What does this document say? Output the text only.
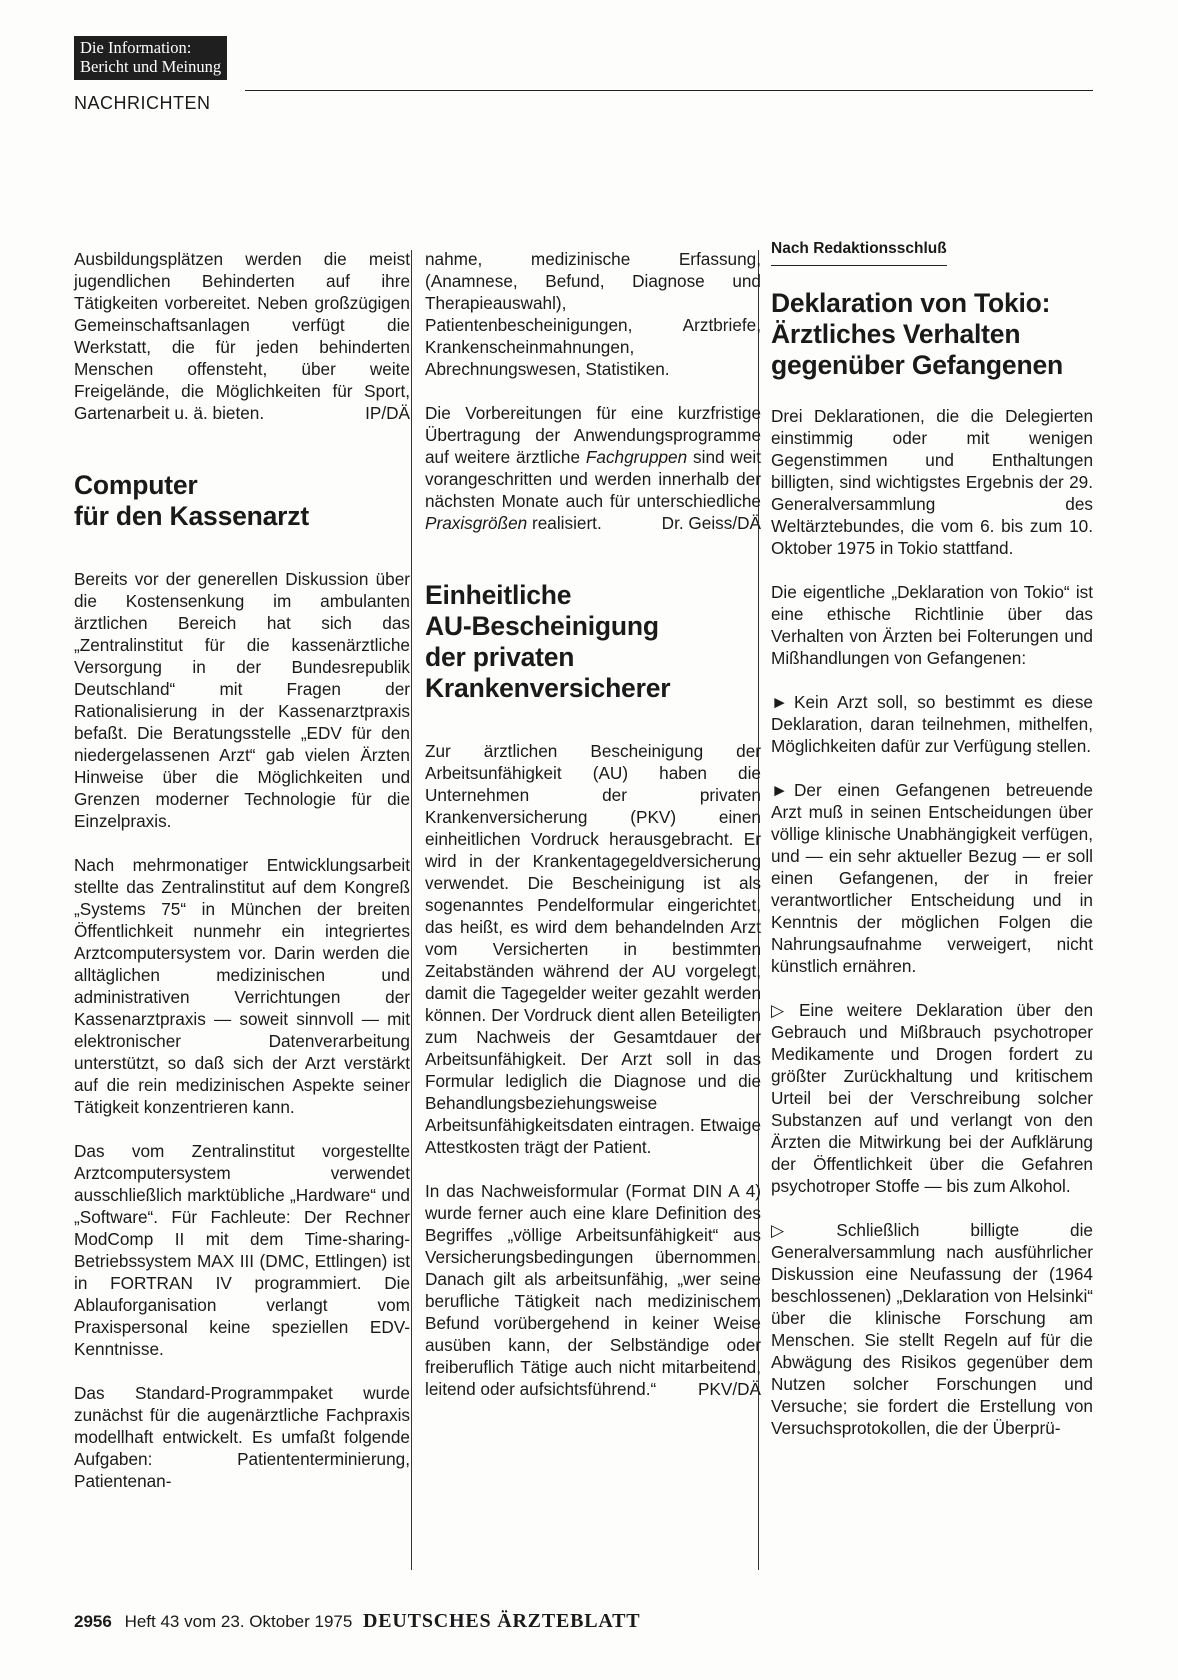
Die Information:
Bericht und Meinung
NACHRICHTEN

Ausbildungsplätzen werden die meist jugendlichen Behinderten auf ihre Tätigkeiten vorbereitet. Neben großzügigen Gemeinschaftsanlagen verfügt die Werkstatt, die für jeden behinderten Menschen offensteht, über weite Freigelände, die Möglichkeiten für Sport, Gartenarbeit u. ä. bieten.	IP/DÄ

Computer
für den Kassenarzt

Bereits vor der generellen Diskussion über die Kostensenkung im ambulanten ärztlichen Bereich hat sich das „Zentralinstitut für die kassenärztliche Versorgung in der Bundesrepublik Deutschland“ mit Fragen der Rationalisierung in der Kassenarztpraxis befaßt. Die Beratungsstelle „EDV für den niedergelassenen Arzt“ gab vielen Ärzten Hinweise über die Möglichkeiten und Grenzen moderner Technologie für die Einzelpraxis.

Nach mehrmonatiger Entwicklungsarbeit stellte das Zentralinstitut auf dem Kongreß „Systems 75“ in München der breiten Öffentlichkeit nunmehr ein integriertes Arztcomputersystem vor. Darin werden die alltäglichen medizinischen und administrativen Verrichtungen der Kassenarztpraxis — soweit sinnvoll — mit elektronischer Datenverarbeitung unterstützt, so daß sich der Arzt verstärkt auf die rein medizinischen Aspekte seiner Tätigkeit konzentrieren kann.

Das vom Zentralinstitut vorgestellte Arztcomputersystem verwendet ausschließlich marktübliche „Hardware“ und „Software“. Für Fachleute: Der Rechner ModComp II mit dem Time-sharing-Betriebssystem MAX III (DMC, Ettlingen) ist in FORTRAN IV programmiert. Die Ablauforganisation verlangt vom Praxispersonal keine speziellen EDV-Kenntnisse.

Das Standard-Programmpaket wurde zunächst für die augenärztliche Fachpraxis modellhaft entwickelt. Es umfaßt folgende Aufgaben: Patiententerminierung, Patientenan-

nahme, medizinische Erfassung, (Anamnese, Befund, Diagnose und Therapieauswahl), Patientenbescheinigungen, Arztbriefe, Krankenscheinmahnungen, Abrechnungswesen, Statistiken.

Die Vorbereitungen für eine kurzfristige Übertragung der Anwendungsprogramme auf weitere ärztliche Fachgruppen sind weit vorangeschritten und werden innerhalb der nächsten Monate auch für unterschiedliche Praxisgrößen realisiert.	Dr. Geiss/DÄ

Einheitliche
AU-Bescheinigung
der privaten
Krankenversicherer

Zur ärztlichen Bescheinigung der Arbeitsunfähigkeit (AU) haben die Unternehmen der privaten Krankenversicherung (PKV) einen einheitlichen Vordruck herausgebracht. Er wird in der Krankentagegeldversicherung verwendet. Die Bescheinigung ist als sogenanntes Pendelformular eingerichtet, das heißt, es wird dem behandelnden Arzt vom Versicherten in bestimmten Zeitabständen während der AU vorgelegt, damit die Tagegelder weiter gezahlt werden können. Der Vordruck dient allen Beteiligten zum Nachweis der Gesamtdauer der Arbeitsunfähigkeit. Der Arzt soll in das Formular lediglich die Diagnose und die Behandlungsbeziehungsweise Arbeitsunfähigkeitsdaten eintragen. Etwaige Attestkosten trägt der Patient.

In das Nachweisformular (Format DIN A 4) wurde ferner auch eine klare Definition des Begriffes „völlige Arbeitsunfähigkeit“ aus Versicherungsbedingungen übernommen. Danach gilt als arbeitsunfähig, „wer seine berufliche Tätigkeit nach medizinischem Befund vorübergehend in keiner Weise ausüben kann, der Selbständige oder freiberuflich Tätige auch nicht mitarbeitend, leitend oder aufsichtsführend.“ PKV/DÄ

Nach Redaktionsschluß
Deklaration von Tokio:
Ärztliches Verhalten
gegenüber Gefangenen

Drei Deklarationen, die die Delegierten einstimmig oder mit wenigen Gegenstimmen und Enthaltungen billigten, sind wichtigstes Ergebnis der 29. Generalversammlung des Weltärztebundes, die vom 6. bis zum 10. Oktober 1975 in Tokio stattfand.

Die eigentliche „Deklaration von Tokio“ ist eine ethische Richtlinie über das Verhalten von Ärzten bei Folterungen und Mißhandlungen von Gefangenen:

► Kein Arzt soll, so bestimmt es diese Deklaration, daran teilnehmen, mithelfen, Möglichkeiten dafür zur Verfügung stellen.

► Der einen Gefangenen betreuende Arzt muß in seinen Entscheidungen über völlige klinische Unabhängigkeit verfügen, und — ein sehr aktueller Bezug — er soll einen Gefangenen, der in freier verantwortlicher Entscheidung und in Kenntnis der möglichen Folgen die Nahrungsaufnahme verweigert, nicht künstlich ernähren.

▷ Eine weitere Deklaration über den Gebrauch und Mißbrauch psychotroper Medikamente und Drogen fordert zu größter Zurückhaltung und kritischem Urteil bei der Verschreibung solcher Substanzen auf und verlangt von den Ärzten die Mitwirkung bei der Aufklärung der Öffentlichkeit über die Gefahren psychotroper Stoffe — bis zum Alkohol.

▷ Schließlich billigte die Generalversammlung nach ausführlicher Diskussion eine Neufassung der (1964 beschlossenen) „Deklaration von Helsinki“ über die klinische Forschung am Menschen. Sie stellt Regeln auf für die Abwägung des Risikos gegenüber dem Nutzen solcher Forschungen und Versuche; sie fordert die Erstellung von Versuchsprotokollen, die der Überprü-

2956 Heft 43 vom 23. Oktober 1975 DEUTSCHES ÄRZTEBLATT
